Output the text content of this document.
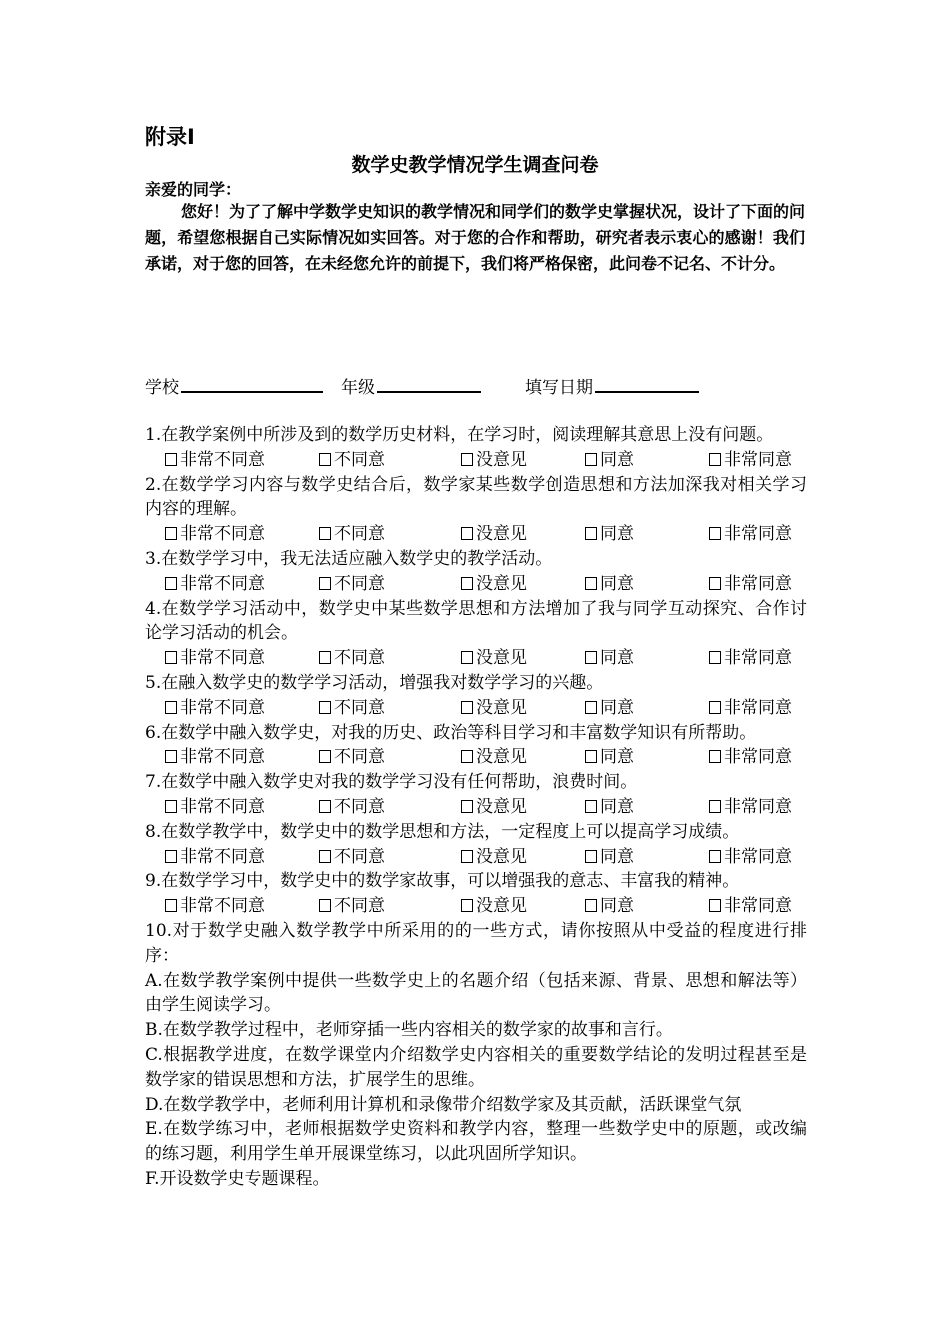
附录Ⅰ
数学史教学情况学生调查问卷
亲爱的同学：

您好！为了了解中学数学史知识的教学情况和同学们的数学史掌握状况，设计了下面的问题，希望您根据自己实际情况如实回答。对于您的合作和帮助，研究者表示衷心的感谢！我们承诺，对于您的回答，在未经您允许的前提下，我们将严格保密，此问卷不记名、不计分。

学校	年级	填写日期

1.在教学案例中所涉及到的数学历史材料，在学习时，阅读理解其意思上没有问题。

非常不同意	不同意	没意见	同意	非常同意

2.在数学学习内容与数学史结合后，数学家某些数学创造思想和方法加深我对相关学习内容的理解。

非常不同意	不同意	没意见	同意	非常同意

3.在数学学习中，我无法适应融入数学史的教学活动。

非常不同意	不同意	没意见	同意	非常同意

4.在数学学习活动中，数学史中某些数学思想和方法增加了我与同学互动探究、合作讨论学习活动的机会。

非常不同意	不同意	没意见	同意	非常同意

5.在融入数学史的数学学习活动，增强我对数学学习的兴趣。

非常不同意	不同意	没意见	同意	非常同意

6.在数学中融入数学史，对我的历史、政治等科目学习和丰富数学知识有所帮助。

非常不同意	不同意	没意见	同意	非常同意

7.在数学中融入数学史对我的数学学习没有任何帮助，浪费时间。

非常不同意	不同意	没意见	同意	非常同意

8.在数学教学中，数学史中的数学思想和方法，一定程度上可以提高学习成绩。

非常不同意	不同意	没意见	同意	非常同意

9.在数学学习中，数学史中的数学家故事，可以增强我的意志、丰富我的精神。

非常不同意	不同意	没意见	同意	非常同意

10.对于数学史融入数学教学中所采用的的一些方式，请你按照从中受益的程度进行排序：

A.在数学教学案例中提供一些数学史上的名题介绍（包括来源、背景、思想和解法等）由学生阅读学习。

B.在数学教学过程中，老师穿插一些内容相关的数学家的故事和言行。

C.根据教学进度，在数学课堂内介绍数学史内容相关的重要数学结论的发明过程甚至是数学家的错误思想和方法，扩展学生的思维。

D.在数学教学中，老师利用计算机和录像带介绍数学家及其贡献，活跃课堂气氛

E.在数学练习中，老师根据数学史资料和教学内容，整理一些数学史中的原题，或改编的练习题，利用学生单开展课堂练习，以此巩固所学知识。

F.开设数学史专题课程。
